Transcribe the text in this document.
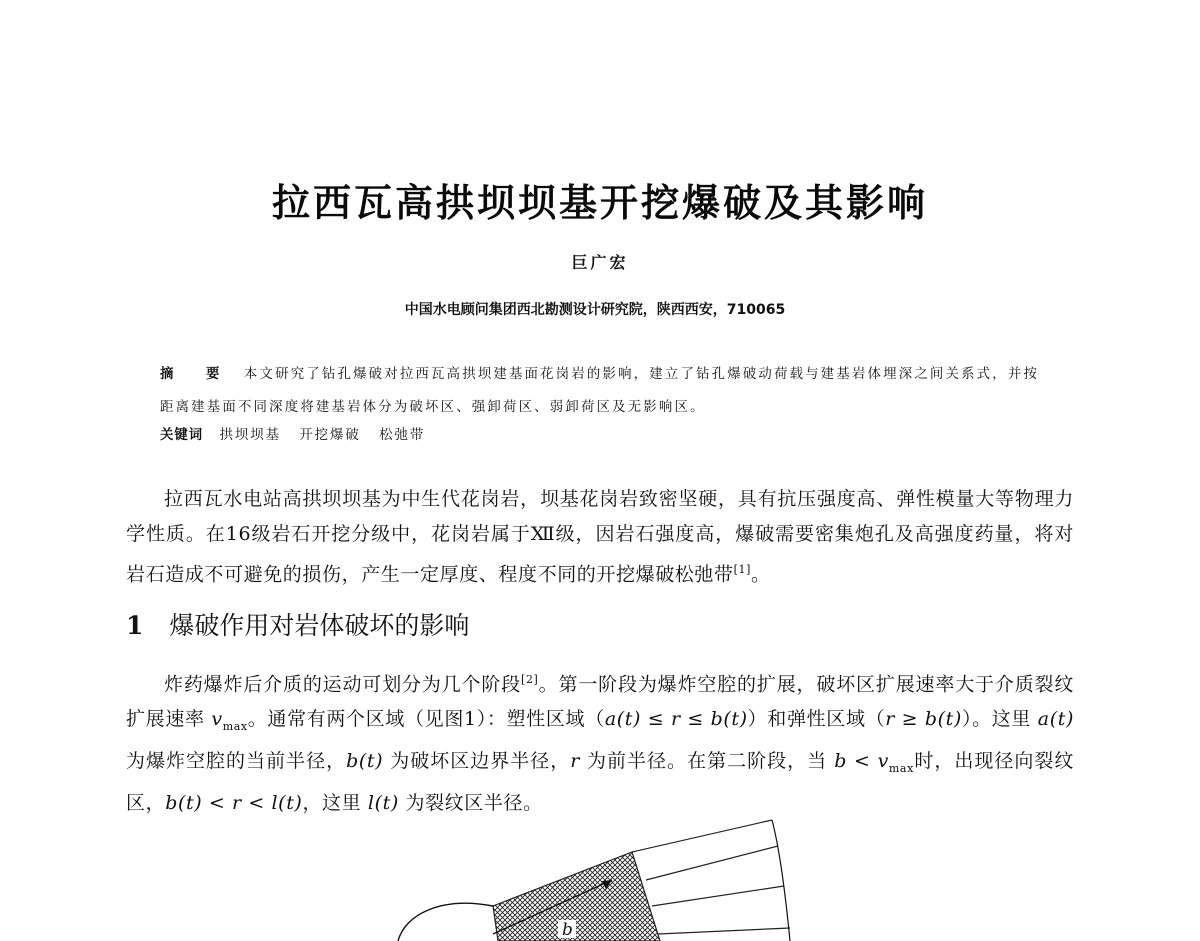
拉西瓦高拱坝坝基开挖爆破及其影响
巨广宏
中国水电顾问集团西北勘测设计研究院，陕西西安，710065
摘 要 本文研究了钻孔爆破对拉西瓦高拱坝建基面花岗岩的影响，建立了钻孔爆破动荷载与建基岩体埋深之间关系式，并按距离建基面不同深度将建基岩体分为破坏区、强卸荷区、弱卸荷区及无影响区。
关键词 拱坝坝基 开挖爆破 松弛带
拉西瓦水电站高拱坝坝基为中生代花岗岩，坝基花岗岩致密坚硬，具有抗压强度高、弹性模量大等物理力学性质。在16级岩石开挖分级中，花岗岩属于Ⅻ级，因岩石强度高，爆破需要密集炮孔及高强度药量，将对岩石造成不可避免的损伤，产生一定厚度、程度不同的开挖爆破松弛带[1]。
1 爆破作用对岩体破坏的影响
炸药爆炸后介质的运动可划分为几个阶段[2]。第一阶段为爆炸空腔的扩展，破坏区扩展速率大于介质裂纹扩展速率 $v_{max}$。通常有两个区域（见图1）：塑性区域（a(t) ≤ r ≤ b(t)）和弹性区域（r ≥ b(t)）。这里 a(t) 为爆炸空腔的当前半径，b(t) 为破坏区边界半径，r 为前半径。在第二阶段，当 $b < v_{max}$时，出现径向裂纹区，b(t) < r < l(t)，这里 l(t) 为裂纹区半径。
b
